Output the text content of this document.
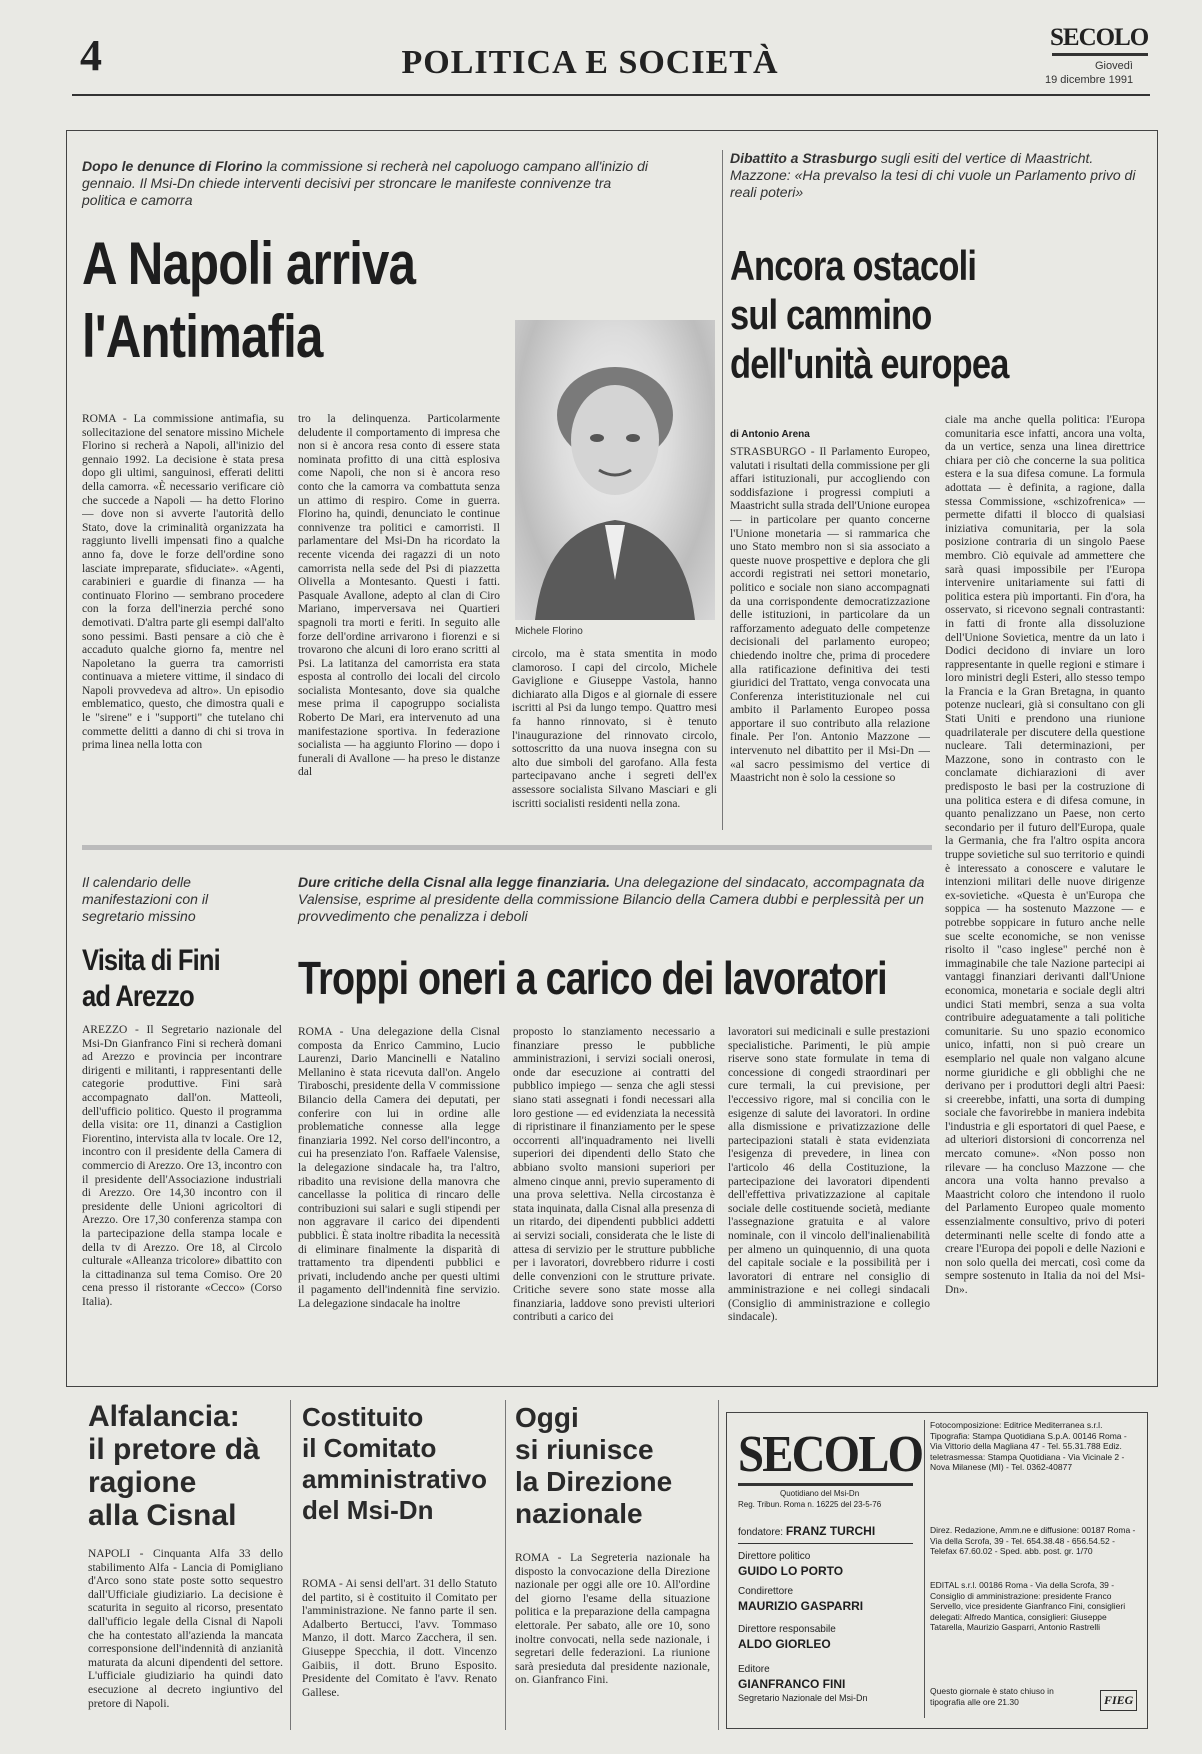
4	POLITICA E SOCIETÀ
SECOLO
Giovedì
19 dicembre 1991
Dopo le denunce di Florino la commissione si recherà nel capoluogo campano all'inizio di gennaio. Il Msi-Dn chiede interventi decisivi per stroncare le manifeste connivenze tra politica e camorra
A Napoli arriva
l'Antimafia
Michele Florino
ROMA - La commissione antimafia, su sollecitazione del senatore missino Michele Florino si recherà a Napoli, all'inizio del gennaio 1992. La decisione è stata presa dopo gli ultimi, sanguinosi, efferati delitti della camorra. «È necessario verificare ciò che succede a Napoli — ha detto Florino — dove non si avverte l'autorità dello Stato, dove la criminalità organizzata ha raggiunto livelli impensati fino a qualche anno fa, dove le forze dell'ordine sono lasciate impreparate, sfiduciate». «Agenti, carabinieri e guardie di finanza — ha continuato Florino — sembrano procedere con la forza dell'inerzia perché sono demotivati. D'altra parte gli esempi dall'alto sono pessimi. Basti pensare a ciò che è accaduto qualche giorno fa, mentre nel Napoletano la guerra tra camorristi continuava a mietere vittime, il sindaco di Napoli provvedeva ad altro». Un episodio emblematico, questo, che dimostra quali e le "sirene" e i "supporti" che tutelano chi commette delitti a danno di chi si trova in prima linea nella lotta con
tro la delinquenza. Particolarmente deludente il comportamento di impresa che non si è ancora resa conto di essere stata nominata profitto di una città esplosiva come Napoli, che non si è ancora reso conto che la camorra va combattuta senza un attimo di respiro. Come in guerra. Florino ha, quindi, denunciato le continue connivenze tra politici e camorristi. Il parlamentare del Msi-Dn ha ricordato la recente vicenda dei ragazzi di un noto camorrista nella sede del Psi di piazzetta Olivella a Montesanto. Questi i fatti. Pasquale Avallone, adepto al clan di Ciro Mariano, imperversava nei Quartieri spagnoli tra morti e feriti. In seguito alle forze dell'ordine arrivarono i fiorenzi e si trovarono che alcuni di loro erano scritti al Psi. La latitanza del camorrista era stata esposta al controllo dei locali del circolo socialista Montesanto, dove sia qualche mese prima il capogruppo socialista Roberto De Mari, era intervenuto ad una manifestazione sportiva. In federazione socialista — ha aggiunto Florino — dopo i funerali di Avallone — ha preso le distanze dal
circolo, ma è stata smentita in modo clamoroso. I capi del circolo, Michele Gaviglione e Giuseppe Vastola, hanno dichiarato alla Digos e al giornale di essere iscritti al Psi da lungo tempo. Quattro mesi fa hanno rinnovato, si è tenuto l'inaugurazione del rinnovato circolo, sottoscritto da una nuova insegna con su alto due simboli del garofano. Alla festa partecipavano anche i segreti dell'ex assessore socialista Silvano Masciari e gli iscritti socialisti residenti nella zona.
Dibattito a Strasburgo sugli esiti del vertice di Maastricht. Mazzone: «Ha prevalso la tesi di chi vuole un Parlamento privo di reali poteri»
Ancora ostacoli
sul cammino
dell'unità europea
di Antonio Arena
STRASBURGO - Il Parlamento Europeo, valutati i risultati della commissione per gli affari istituzionali, pur accogliendo con soddisfazione i progressi compiuti a Maastricht sulla strada dell'Unione europea — in particolare per quanto concerne l'Unione monetaria — si rammarica che uno Stato membro non si sia associato a queste nuove prospettive e deplora che gli accordi registrati nei settori monetario, politico e sociale non siano accompagnati da una corrispondente democratizzazione delle istituzioni, in particolare da un rafforzamento adeguato delle competenze decisionali del parlamento europeo; chiedendo inoltre che, prima di procedere alla ratificazione definitiva dei testi giuridici del Trattato, venga convocata una Conferenza interistituzionale nel cui ambito il Parlamento Europeo possa apportare il suo contributo alla relazione finale. Per l'on. Antonio Mazzone — intervenuto nel dibattito per il Msi-Dn — «al sacro pessimismo del vertice di Maastricht non è solo la cessione so
ciale ma anche quella politica: l'Europa comunitaria esce infatti, ancora una volta, da un vertice, senza una linea direttrice chiara per ciò che concerne la sua politica estera e la sua difesa comune. La formula adottata — è definita, a ragione, dalla stessa Commissione, «schizofrenica» — permette difatti il blocco di qualsiasi iniziativa comunitaria, per la sola posizione contraria di un singolo Paese membro. Ciò equivale ad ammettere che sarà quasi impossibile per l'Europa intervenire unitariamente sui fatti di politica estera più importanti. Fin d'ora, ha osservato, si ricevono segnali contrastanti: in fatti di fronte alla dissoluzione dell'Unione Sovietica, mentre da un lato i Dodici decidono di inviare un loro rappresentante in quelle regioni e stimare i loro ministri degli Esteri, allo stesso tempo la Francia e la Gran Bretagna, in quanto potenze nucleari, già si consultano con gli Stati Uniti e prendono una riunione quadrilaterale per discutere della questione nucleare. Tali determinazioni, per Mazzone, sono in contrasto con le conclamate dichiarazioni di aver predisposto le basi per la costruzione di una politica estera e di difesa comune, in quanto penalizzano un Paese, non certo secondario per il futuro dell'Europa, quale la Germania, che fra l'altro ospita ancora truppe sovietiche sul suo territorio e quindi è interessato a conoscere e valutare le intenzioni militari delle nuove dirigenze ex-sovietiche. «Questa è un'Europa che soppica — ha sostenuto Mazzone — e potrebbe soppicare in futuro anche nelle sue scelte economiche, se non venisse risolto il "caso inglese" perché non è immaginabile che tale Nazione partecipi ai vantaggi finanziari derivanti dall'Unione economica, monetaria e sociale degli altri undici Stati membri, senza a sua volta contribuire adeguatamente a tali politiche comunitarie. Su uno spazio economico unico, infatti, non si può creare un esemplario nel quale non valgano alcune norme giuridiche e gli obblighi che ne derivano per i produttori degli altri Paesi: si creerebbe, infatti, una sorta di dumping sociale che favorirebbe in maniera indebita l'industria e gli esportatori di quel Paese, e ad ulteriori distorsioni di concorrenza nel mercato comune». «Non posso non rilevare — ha concluso Mazzone — che ancora una volta hanno prevalso a Maastricht coloro che intendono il ruolo del Parlamento Europeo quale momento essenzialmente consultivo, privo di poteri determinanti nelle scelte di fondo atte a creare l'Europa dei popoli e delle Nazioni e non solo quella dei mercati, così come da sempre sostenuto in Italia da noi del Msi-Dn».
Il calendario delle manifestazioni con il segretario missino
Visita di Fini
ad Arezzo
AREZZO - Il Segretario nazionale del Msi-Dn Gianfranco Fini si recherà domani ad Arezzo e provincia per incontrare dirigenti e militanti, i rappresentanti delle categorie produttive. Fini sarà accompagnato dall'on. Matteoli, dell'ufficio politico. Questo il programma della visita: ore 11, dinanzi a Castiglion Fiorentino, intervista alla tv locale. Ore 12, incontro con il presidente della Camera di commercio di Arezzo. Ore 13, incontro con il presidente dell'Associazione industriali di Arezzo. Ore 14,30 incontro con il presidente delle Unioni agricoltori di Arezzo. Ore 17,30 conferenza stampa con la partecipazione della stampa locale e della tv di Arezzo. Ore 18, al Circolo culturale «Alleanza tricolore» dibattito con la cittadinanza sul tema Comiso. Ore 20 cena presso il ristorante «Cecco» (Corso Italia).
Dure critiche della Cisnal alla legge finanziaria. Una delegazione del sindacato, accompagnata da Valensise, esprime al presidente della commissione Bilancio della Camera dubbi e perplessità per un provvedimento che penalizza i deboli
Troppi oneri a carico dei lavoratori
ROMA - Una delegazione della Cisnal composta da Enrico Cammino, Lucio Laurenzi, Dario Mancinelli e Natalino Mellanino è stata ricevuta dall'on. Angelo Tiraboschi, presidente della V commissione Bilancio della Camera dei deputati, per conferire con lui in ordine alle problematiche connesse alla legge finanziaria 1992. Nel corso dell'incontro, a cui ha presenziato l'on. Raffaele Valensise, la delegazione sindacale ha, tra l'altro, ribadito una revisione della manovra che cancellasse la politica di rincaro delle contribuzioni sui salari e sugli stipendi per non aggravare il carico dei dipendenti pubblici. È stata inoltre ribadita la necessità di eliminare finalmente la disparità di trattamento tra dipendenti pubblici e privati, includendo anche per questi ultimi il pagamento dell'indennità fine servizio. La delegazione sindacale ha inoltre
proposto lo stanziamento necessario a finanziare presso le pubbliche amministrazioni, i servizi sociali onerosi, onde dar esecuzione ai contratti del pubblico impiego — senza che agli stessi siano stati assegnati i fondi necessari alla loro gestione — ed evidenziata la necessità di ripristinare il finanziamento per le spese occorrenti all'inquadramento nei livelli superiori dei dipendenti dello Stato che abbiano svolto mansioni superiori per almeno cinque anni, previo superamento di una prova selettiva. Nella circostanza è stata inquinata, dalla Cisnal alla presenza di un ritardo, dei dipendenti pubblici addetti ai servizi sociali, considerata che le liste di attesa di servizio per le strutture pubbliche per i lavoratori, dovrebbero ridurre i costi delle convenzioni con le strutture private. Critiche severe sono state mosse alla finanziaria, laddove sono previsti ulteriori contributi a carico dei
lavoratori sui medicinali e sulle prestazioni specialistiche. Parimenti, le più ampie riserve sono state formulate in tema di concessione di congedi straordinari per cure termali, la cui previsione, per l'eccessivo rigore, mal si concilia con le esigenze di salute dei lavoratori. In ordine alla dismissione e privatizzazione delle partecipazioni statali è stata evidenziata l'esigenza di prevedere, in linea con l'articolo 46 della Costituzione, la partecipazione dei lavoratori dipendenti dell'effettiva privatizzazione al capitale sociale delle costituende società, mediante l'assegnazione gratuita e al valore nominale, con il vincolo dell'inalienabilità per almeno un quinquennio, di una quota del capitale sociale e la possibilità per i lavoratori di entrare nel consiglio di amministrazione e nei collegi sindacali (Consiglio di amministrazione e collegio sindacale).
Alfalancia:
il pretore dà
ragione
alla Cisnal
NAPOLI - Cinquanta Alfa 33 dello stabilimento Alfa - Lancia di Pomigliano d'Arco sono state poste sotto sequestro dall'Ufficiale giudiziario. La decisione è scaturita in seguito al ricorso, presentato dall'ufficio legale della Cisnal di Napoli che ha contestato all'azienda la mancata corresponsione dell'indennità di anzianità maturata da alcuni dipendenti del settore. L'ufficiale giudiziario ha quindi dato esecuzione al decreto ingiuntivo del pretore di Napoli.
Costituito
il Comitato
amministrativo
del Msi-Dn
ROMA - Ai sensi dell'art. 31 dello Statuto del partito, si è costituito il Comitato per l'amministrazione. Ne fanno parte il sen. Adalberto Bertucci, l'avv. Tommaso Manzo, il dott. Marco Zacchera, il sen. Giuseppe Specchia, il dott. Vincenzo Gaibiis, il dott. Bruno Esposito. Presidente del Comitato è l'avv. Renato Gallese.
Oggi
si riunisce
la Direzione
nazionale
ROMA - La Segreteria nazionale ha disposto la convocazione della Direzione nazionale per oggi alle ore 10. All'ordine del giorno l'esame della situazione politica e la preparazione della campagna elettorale. Per sabato, alle ore 10, sono inoltre convocati, nella sede nazionale, i segretari delle federazioni. La riunione sarà presieduta dal presidente nazionale, on. Gianfranco Fini.
SECOLO
Quotidiano del Msi-Dn
Reg. Tribun. Roma n. 16225 del 23-5-76
fondatore: FRANZ TURCHI
Direttore politico
GUIDO LO PORTO
Condirettore
MAURIZIO GASPARRI
Direttore responsabile
ALDO GIORLEO
Editore
GIANFRANCO FINI
Segretario Nazionale del Msi-Dn
Fotocomposizione: Editrice Mediterranea s.r.l. Tipografia: Stampa Quotidiana S.p.A. 00146 Roma - Via Vittorio della Magliana 47 - Tel. 55.31.788 Ediz. teletrasmessa: Stampa Quotidiana - Via Vicinale 2 - Nova Milanese (MI) - Tel. 0362-40877
Direz. Redazione, Amm.ne e diffusione: 00187 Roma - Via della Scrofa, 39 - Tel. 654.38.48 - 656.54.52 - Telefax 67.60.02 - Sped. abb. post. gr. 1/70
EDITAL s.r.l. 00186 Roma - Via della Scrofa, 39 - Consiglio di amministrazione: presidente Franco Servello, vice presidente Gianfranco Fini, consiglieri delegati: Alfredo Mantica, consiglieri: Giuseppe Tatarella, Maurizio Gasparri, Antonio Rastrelli
Questo giornale è stato chiuso in tipografia alle ore 21.30	FIEG
